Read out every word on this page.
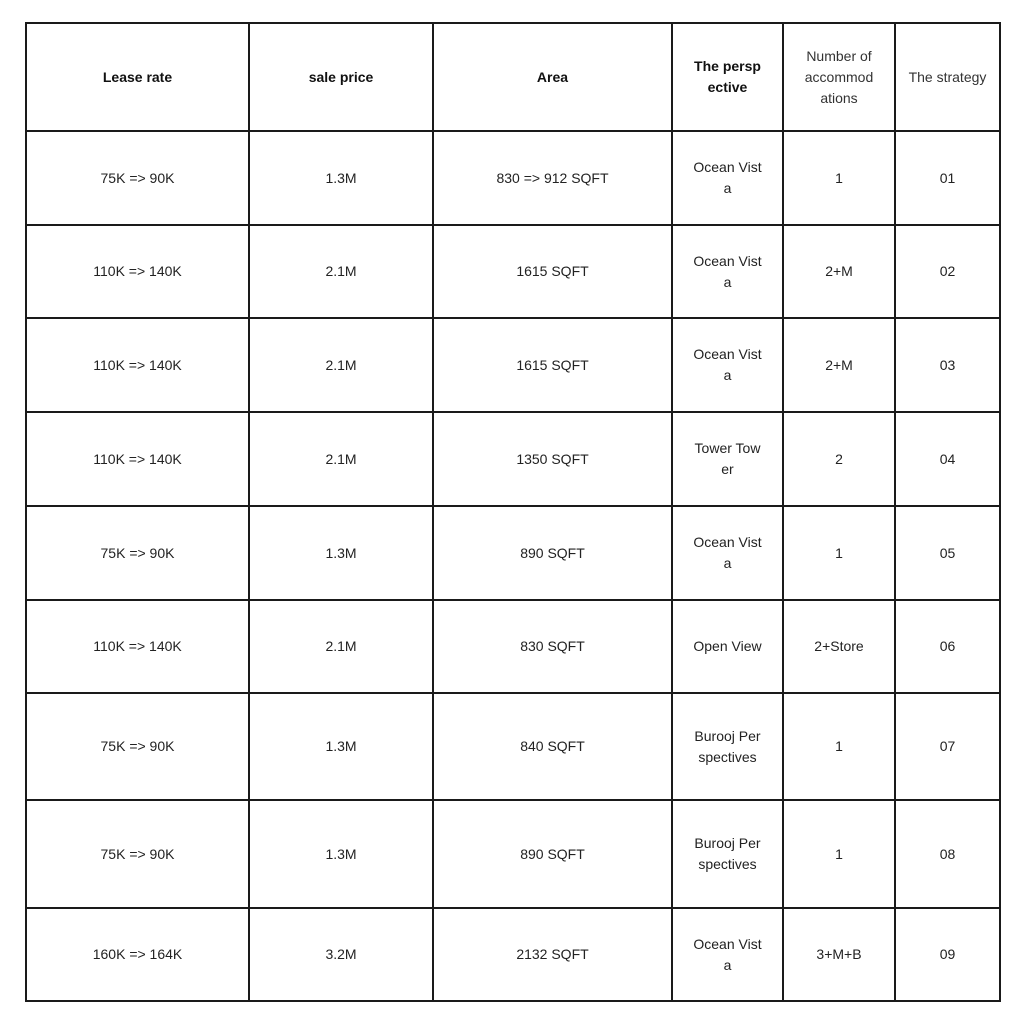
Lease rate	sale price	Area	The perspective	Number of accommodations	The strategy
75K => 90K	1.3M	830 => 912 SQFT	Ocean Vista	1	01
110K => 140K	2.1M	1615 SQFT	Ocean Vista	2+M	02
110K => 140K	2.1M	1615 SQFT	Ocean Vista	2+M	03
110K => 140K	2.1M	1350 SQFT	Tower Tower	2	04
75K => 90K	1.3M	890 SQFT	Ocean Vista	1	05
110K => 140K	2.1M	830 SQFT	Open View	2+Store	06
75K => 90K	1.3M	840 SQFT	Burooj Perspectives	1	07
75K => 90K	1.3M	890 SQFT	Burooj Perspectives	1	08
160K => 164K	3.2M	2132 SQFT	Ocean Vista	3+M+B	09
